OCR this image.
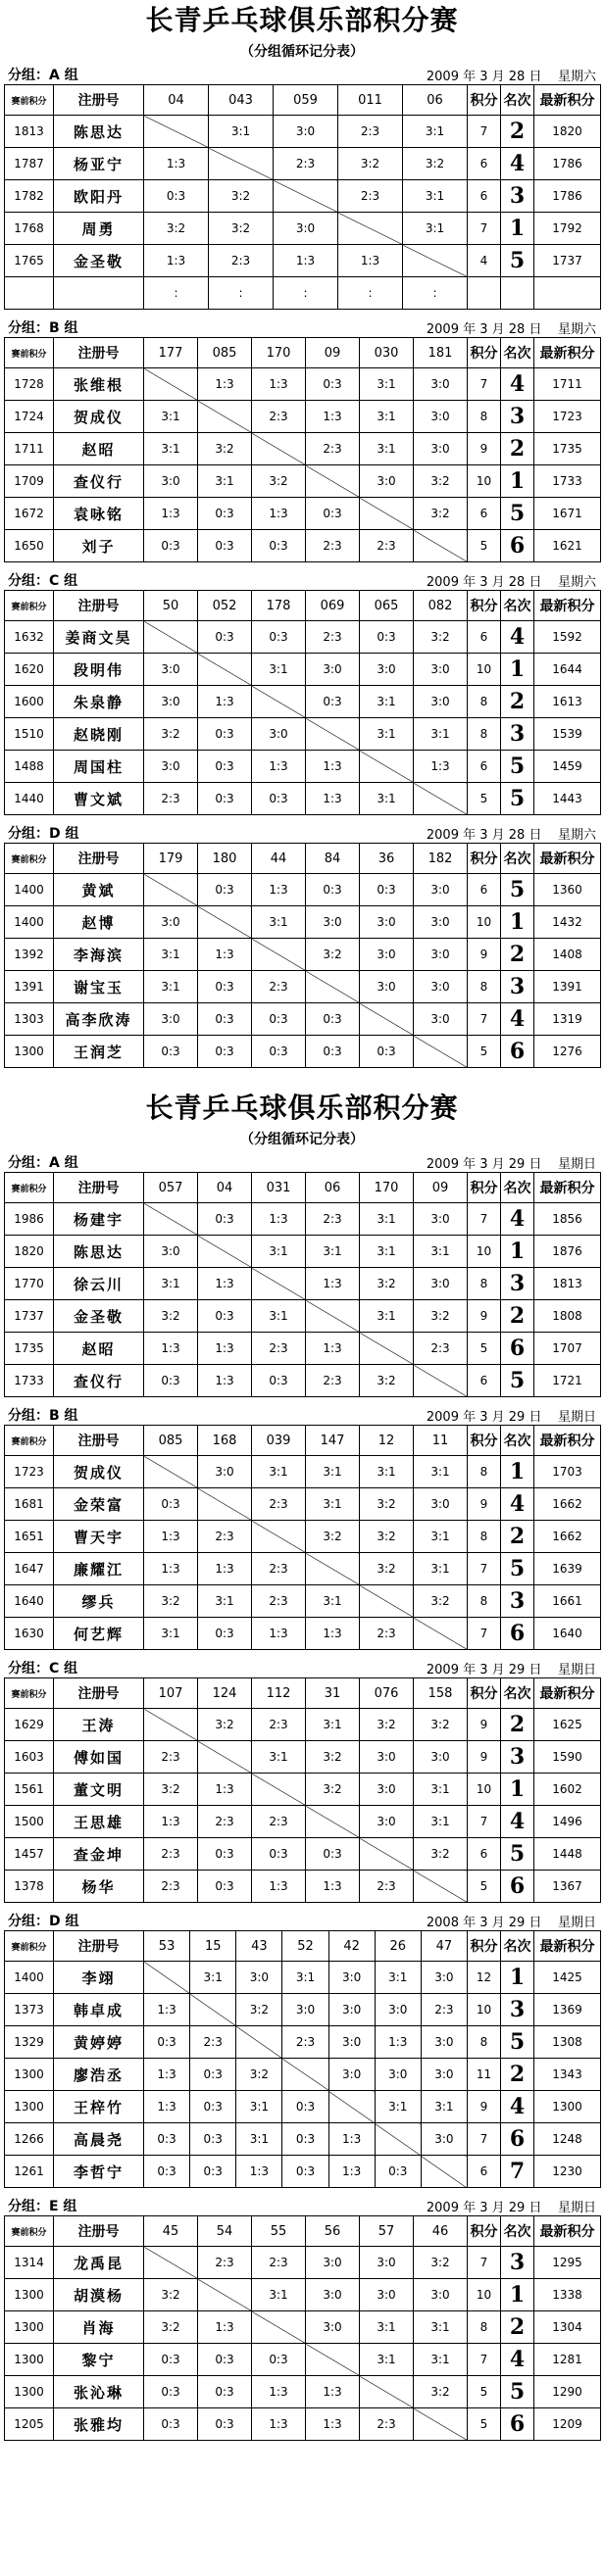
长青乒乓球俱乐部积分赛
（分组循环记分表）
分组：A 组	2009 年 3 月 28 日 星期六
赛前积分	注册号	04	043	059	011	06	积分	名次	最新积分
1813	陈思达		3:1	3:0	2:3	3:1	7	2	1820
1787	杨亚宁	1:3		2:3	3:2	3:2	6	4	1786
1782	欧阳丹	0:3	3:2		2:3	3:1	6	3	1786
1768	周勇	3:2	3:2	3:0		3:1	7	1	1792
1765	金圣敬	1:3	2:3	1:3	1:3		4	5	1737
		:	:	:	:	:			
分组：B 组	2009 年 3 月 28 日 星期六
赛前积分	注册号	177	085	170	09	030	181	积分	名次	最新积分
1728	张维根		1:3	1:3	0:3	3:1	3:0	7	4	1711
1724	贺成仪	3:1		2:3	1:3	3:1	3:0	8	3	1723
1711	赵昭	3:1	3:2		2:3	3:1	3:0	9	2	1735
1709	查仪行	3:0	3:1	3:2		3:0	3:2	10	1	1733
1672	袁咏铭	1:3	0:3	1:3	0:3		3:2	6	5	1671
1650	刘子	0:3	0:3	0:3	2:3	2:3		5	6	1621
分组：C 组	2009 年 3 月 28 日 星期六
赛前积分	注册号	50	052	178	069	065	082	积分	名次	最新积分
1632	姜商文昊		0:3	0:3	2:3	0:3	3:2	6	4	1592
1620	段明伟	3:0		3:1	3:0	3:0	3:0	10	1	1644
1600	朱泉静	3:0	1:3		0:3	3:1	3:0	8	2	1613
1510	赵晓刚	3:2	0:3	3:0		3:1	3:1	8	3	1539
1488	周国柱	3:0	0:3	1:3	1:3		1:3	6	5	1459
1440	曹文斌	2:3	0:3	0:3	1:3	3:1		5	5	1443
分组：D 组	2009 年 3 月 28 日 星期六
赛前积分	注册号	179	180	44	84	36	182	积分	名次	最新积分
1400	黄斌		0:3	1:3	0:3	0:3	3:0	6	5	1360
1400	赵博	3:0		3:1	3:0	3:0	3:0	10	1	1432
1392	李海滨	3:1	1:3		3:2	3:0	3:0	9	2	1408
1391	谢宝玉	3:1	0:3	2:3		3:0	3:0	8	3	1391
1303	高李欣涛	3:0	0:3	0:3	0:3		3:0	7	4	1319
1300	王润芝	0:3	0:3	0:3	0:3	0:3		5	6	1276
长青乒乓球俱乐部积分赛
（分组循环记分表）
分组：A 组	2009 年 3 月 29 日 星期日
赛前积分	注册号	057	04	031	06	170	09	积分	名次	最新积分
1986	杨建宇		0:3	1:3	2:3	3:1	3:0	7	4	1856
1820	陈思达	3:0		3:1	3:1	3:1	3:1	10	1	1876
1770	徐云川	3:1	1:3		1:3	3:2	3:0	8	3	1813
1737	金圣敬	3:2	0:3	3:1		3:1	3:2	9	2	1808
1735	赵昭	1:3	1:3	2:3	1:3		2:3	5	6	1707
1733	查仪行	0:3	1:3	0:3	2:3	3:2		6	5	1721
分组：B 组	2009 年 3 月 29 日 星期日
赛前积分	注册号	085	168	039	147	12	11	积分	名次	最新积分
1723	贺成仪		3:0	3:1	3:1	3:1	3:1	8	1	1703
1681	金荣富	0:3		2:3	3:1	3:2	3:0	9	4	1662
1651	曹天宇	1:3	2:3		3:2	3:2	3:1	8	2	1662
1647	廉耀江	1:3	1:3	2:3		3:2	3:1	7	5	1639
1640	缪兵	3:2	3:1	2:3	3:1		3:2	8	3	1661
1630	何艺辉	3:1	0:3	1:3	1:3	2:3		7	6	1640
分组：C 组	2009 年 3 月 29 日 星期日
赛前积分	注册号	107	124	112	31	076	158	积分	名次	最新积分
1629	王涛		3:2	2:3	3:1	3:2	3:2	9	2	1625
1603	傅如国	2:3		3:1	3:2	3:0	3:0	9	3	1590
1561	董文明	3:2	1:3		3:2	3:0	3:1	10	1	1602
1500	王思雄	1:3	2:3	2:3		3:0	3:1	7	4	1496
1457	查金坤	2:3	0:3	0:3	0:3		3:2	6	5	1448
1378	杨华	2:3	0:3	1:3	1:3	2:3		5	6	1367
分组：D 组	2008 年 3 月 29 日 星期日
赛前积分	注册号	53	15	43	52	42	26	47	积分	名次	最新积分
1400	李翊		3:1	3:0	3:1	3:0	3:1	3:0	12	1	1425
1373	韩卓成	1:3		3:2	3:0	3:0	3:0	2:3	10	3	1369
1329	黄婷婷	0:3	2:3		2:3	3:0	1:3	3:0	8	5	1308
1300	廖浩丞	1:3	0:3	3:2		3:0	3:0	3:0	11	2	1343
1300	王梓竹	1:3	0:3	3:1	0:3		3:1	3:1	9	4	1300
1266	高晨尧	0:3	0:3	3:1	0:3	1:3		3:0	7	6	1248
1261	李哲宁	0:3	0:3	1:3	0:3	1:3	0:3		6	7	1230
分组：E 组	2009 年 3 月 29 日 星期日
赛前积分	注册号	45	54	55	56	57	46	积分	名次	最新积分
1314	龙禹昆		2:3	2:3	3:0	3:0	3:2	7	3	1295
1300	胡漠杨	3:2		3:1	3:0	3:0	3:0	10	1	1338
1300	肖海	3:2	1:3		3:0	3:1	3:1	8	2	1304
1300	黎宁	0:3	0:3	0:3		3:1	3:1	7	4	1281
1300	张沁琳	0:3	0:3	1:3	1:3		3:2	5	5	1290
1205	张雅均	0:3	0:3	1:3	1:3	2:3		5	6	1209
